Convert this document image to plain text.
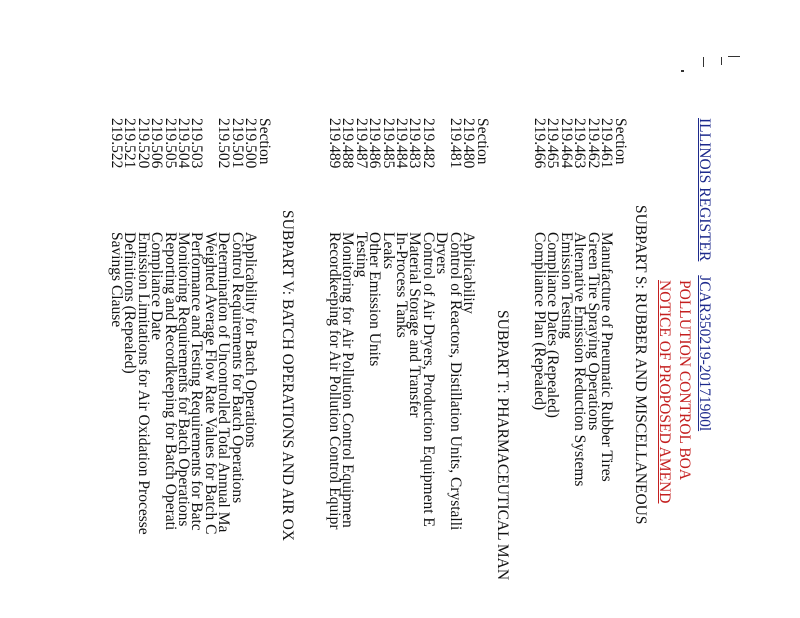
ILLINOIS REGISTER JCAR350219-20171900l
POLLUTION CONTROL BOA
NOTICE OF PROPOSED AMEND
SUBPART S: RUBBER AND MISCELLANEOUS
Section
219.461
Manufacture of Pneumatic Rubber Tires
219.462
Green Tire Spraying Operations
219.463
Alternative Emission Reduction Systems
219.464
Emission Testing
219.465
Compliance Dates (Repealed)
219.466
Compliance Plan (Repealed)
SUBPART T: PHARMACEUTICAL MAN
Section
219.480
Applicability
219.481
Control of Reactors, Distillation Units, Crystalli
Dryers
219.482
Control of Air Dryers, Production Equipment E
219.483
Material Storage and Transfer
219.484
In-Process Tanks
219.485
Leaks
219.486
Other Emission Units
219.487
Testing
219.488
Monitoring for Air Pollution Control Equipmen
219.489
Recordkeeping for Air Pollution Control Equipr
SUBPART V: BATCH OPERATIONS AND AIR OX
Section
219.500
Applicability for Batch Operations
219.501
Control Requirements for Batch Operations
219.502
Determination of Uncontrolled Total Annual Ma
Weighted Average Flow Rate Values for Batch C
219.503
Performance and Testing Requirements for Batc
219.504
Monitoring Requirements for Batch Operations
219.505
Reporting and Recordkeeping for Batch Operati
219.506
Compliance Date
219.520
Emission Limitations for Air Oxidation Processe
219.521
Definitions (Repealed)
219.522
Savings Clause
